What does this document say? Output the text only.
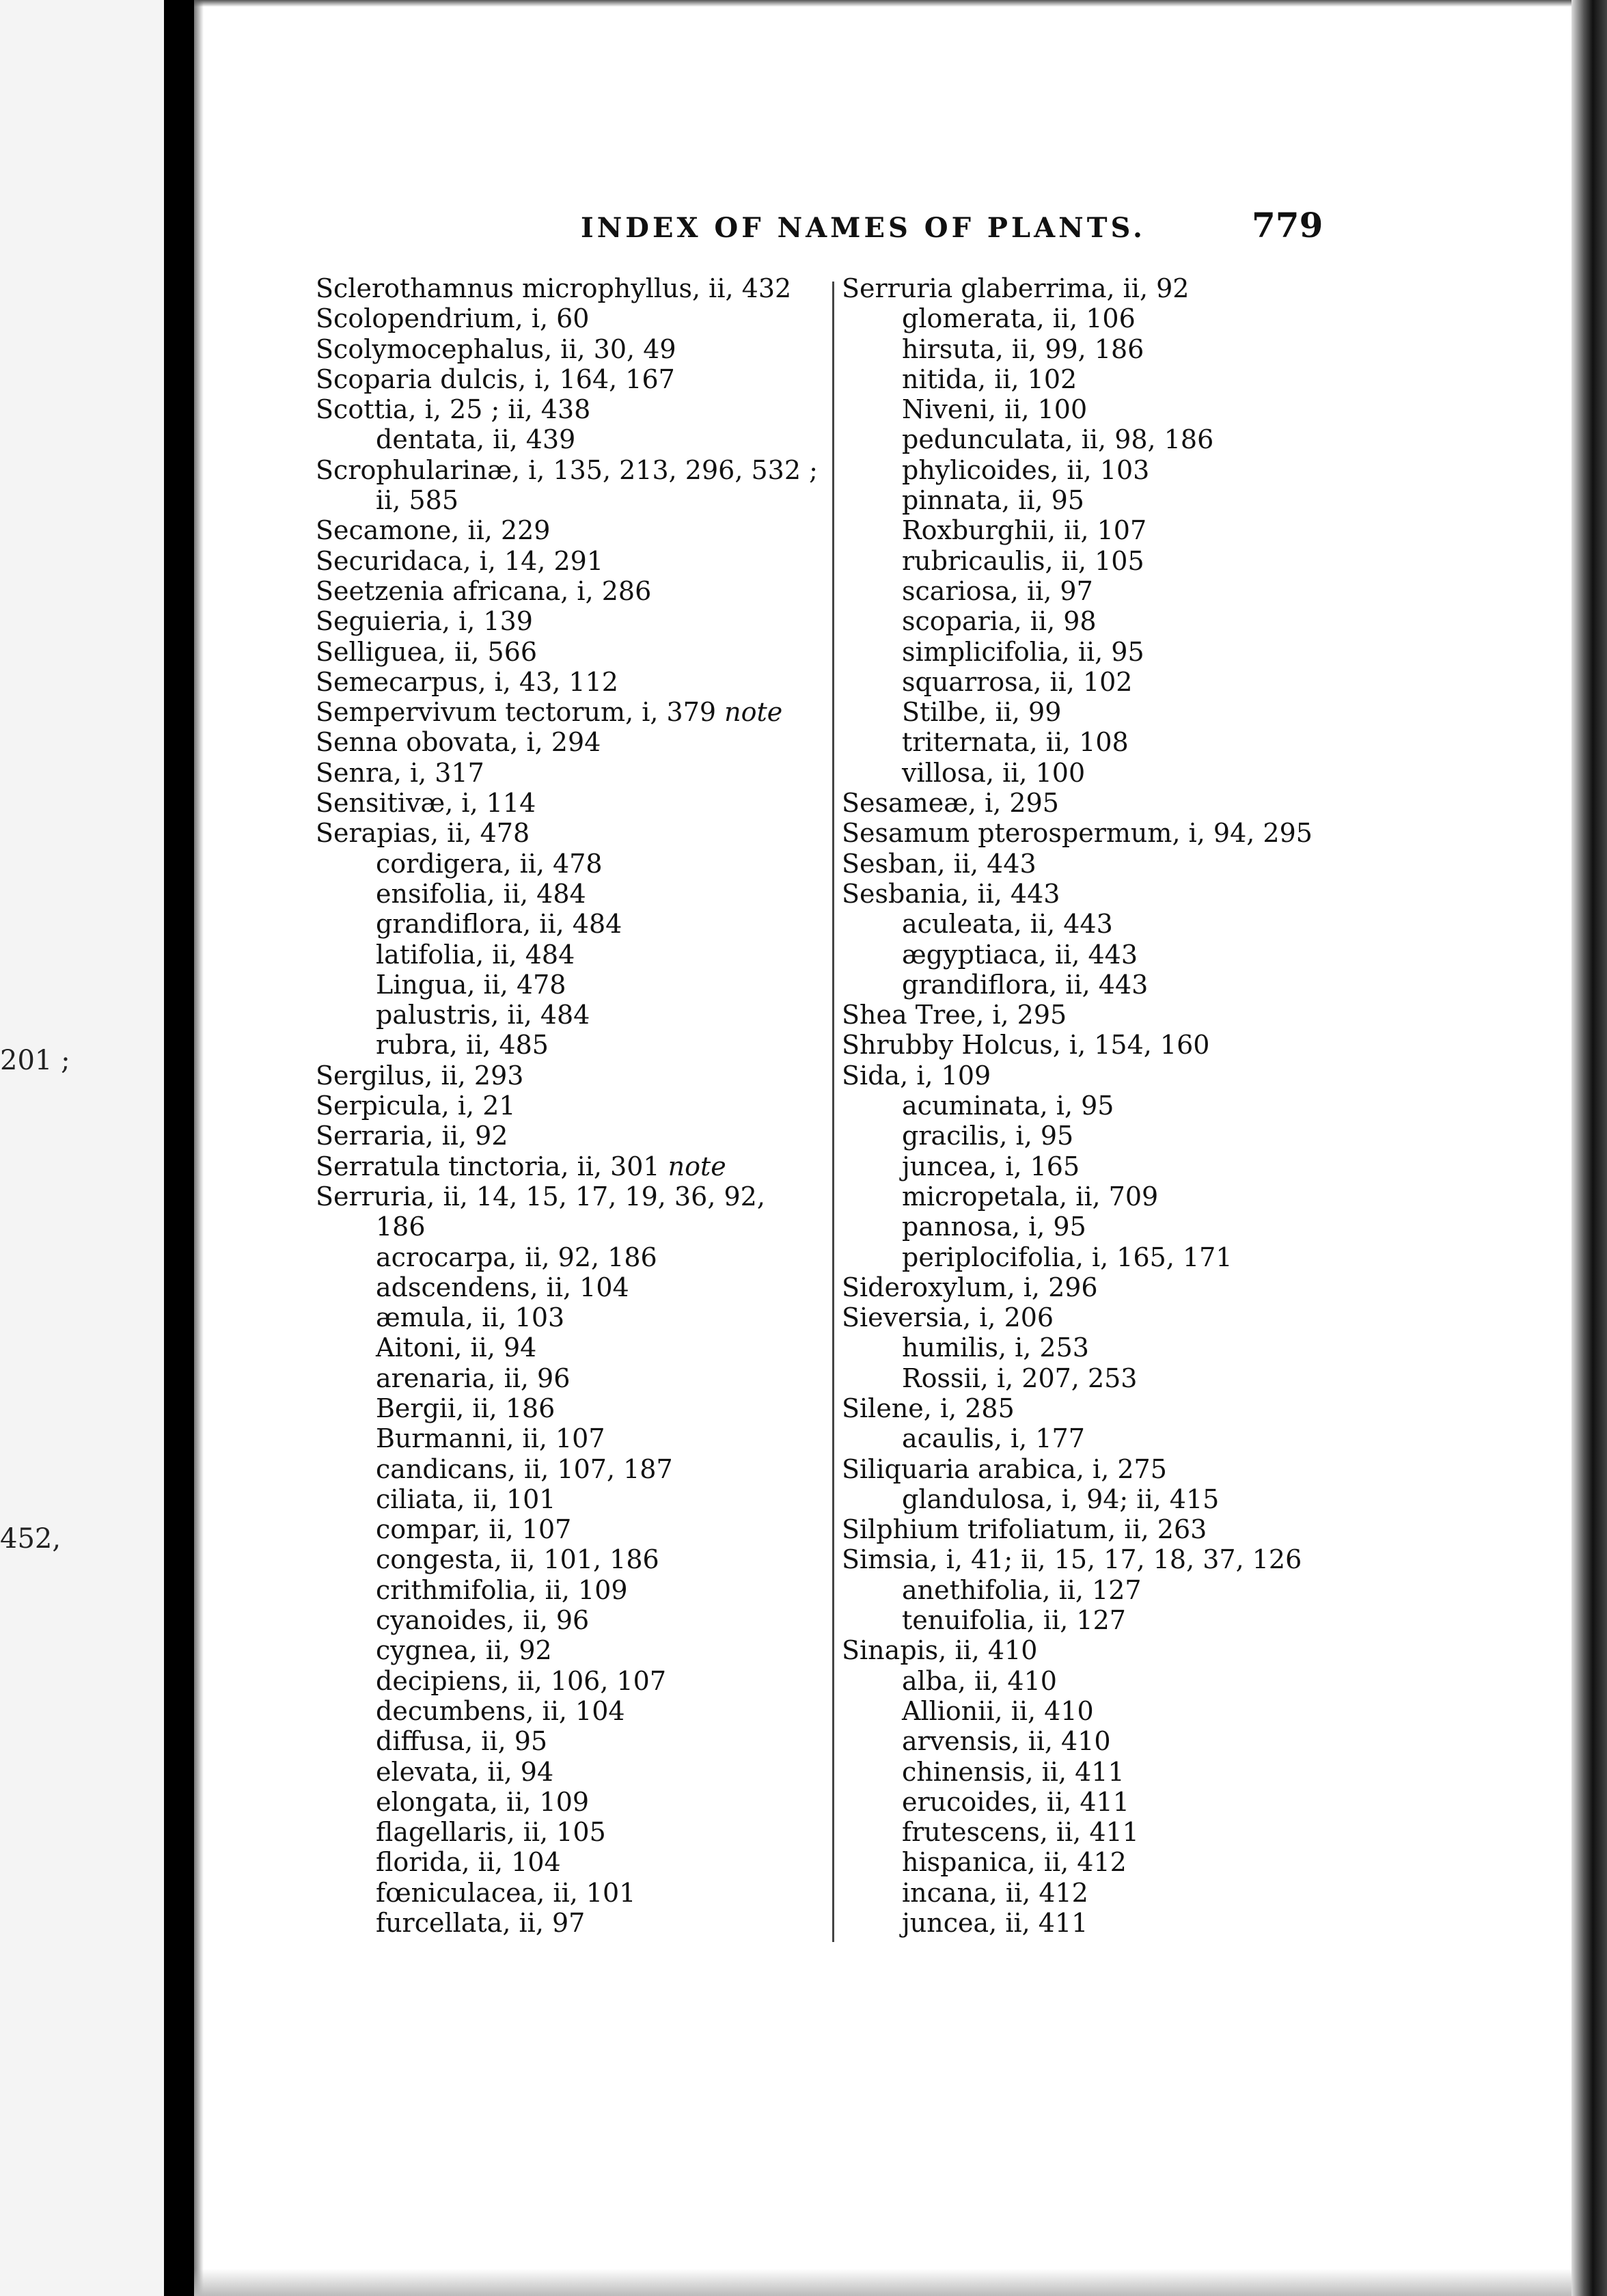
201 ;
452,
INDEX OF NAMES OF PLANTS.	779
Sclerothamnus microphyllus, ii, 432
Scolopendrium, i, 60
Scolymocephalus, ii, 30, 49
Scoparia dulcis, i, 164, 167
Scottia, i, 25 ; ii, 438
dentata, ii, 439
Scrophularinæ, i, 135, 213, 296, 532 ;
ii, 585
Secamone, ii, 229
Securidaca, i, 14, 291
Seetzenia africana, i, 286
Seguieria, i, 139
Selliguea, ii, 566
Semecarpus, i, 43, 112
Sempervivum tectorum, i, 379 note
Senna obovata, i, 294
Senra, i, 317
Sensitivæ, i, 114
Serapias, ii, 478
cordigera, ii, 478
ensifolia, ii, 484
grandiflora, ii, 484
latifolia, ii, 484
Lingua, ii, 478
palustris, ii, 484
rubra, ii, 485
Sergilus, ii, 293
Serpicula, i, 21
Serraria, ii, 92
Serratula tinctoria, ii, 301 note
Serruria, ii, 14, 15, 17, 19, 36, 92,
186
acrocarpa, ii, 92, 186
adscendens, ii, 104
æmula, ii, 103
Aitoni, ii, 94
arenaria, ii, 96
Bergii, ii, 186
Burmanni, ii, 107
candicans, ii, 107, 187
ciliata, ii, 101
compar, ii, 107
congesta, ii, 101, 186
crithmifolia, ii, 109
cyanoides, ii, 96
cygnea, ii, 92
decipiens, ii, 106, 107
decumbens, ii, 104
diffusa, ii, 95
elevata, ii, 94
elongata, ii, 109
flagellaris, ii, 105
florida, ii, 104
fœniculacea, ii, 101
furcellata, ii, 97
Serruria glaberrima, ii, 92
glomerata, ii, 106
hirsuta, ii, 99, 186
nitida, ii, 102
Niveni, ii, 100
pedunculata, ii, 98, 186
phylicoides, ii, 103
pinnata, ii, 95
Roxburghii, ii, 107
rubricaulis, ii, 105
scariosa, ii, 97
scoparia, ii, 98
simplicifolia, ii, 95
squarrosa, ii, 102
Stilbe, ii, 99
triternata, ii, 108
villosa, ii, 100
Sesameæ, i, 295
Sesamum pterospermum, i, 94, 295
Sesban, ii, 443
Sesbania, ii, 443
aculeata, ii, 443
ægyptiaca, ii, 443
grandiflora, ii, 443
Shea Tree, i, 295
Shrubby Holcus, i, 154, 160
Sida, i, 109
acuminata, i, 95
gracilis, i, 95
juncea, i, 165
micropetala, ii, 709
pannosa, i, 95
periplocifolia, i, 165, 171
Sideroxylum, i, 296
Sieversia, i, 206
humilis, i, 253
Rossii, i, 207, 253
Silene, i, 285
acaulis, i, 177
Siliquaria arabica, i, 275
glandulosa, i, 94; ii, 415
Silphium trifoliatum, ii, 263
Simsia, i, 41; ii, 15, 17, 18, 37, 126
anethifolia, ii, 127
tenuifolia, ii, 127
Sinapis, ii, 410
alba, ii, 410
Allionii, ii, 410
arvensis, ii, 410
chinensis, ii, 411
erucoides, ii, 411
frutescens, ii, 411
hispanica, ii, 412
incana, ii, 412
juncea, ii, 411
